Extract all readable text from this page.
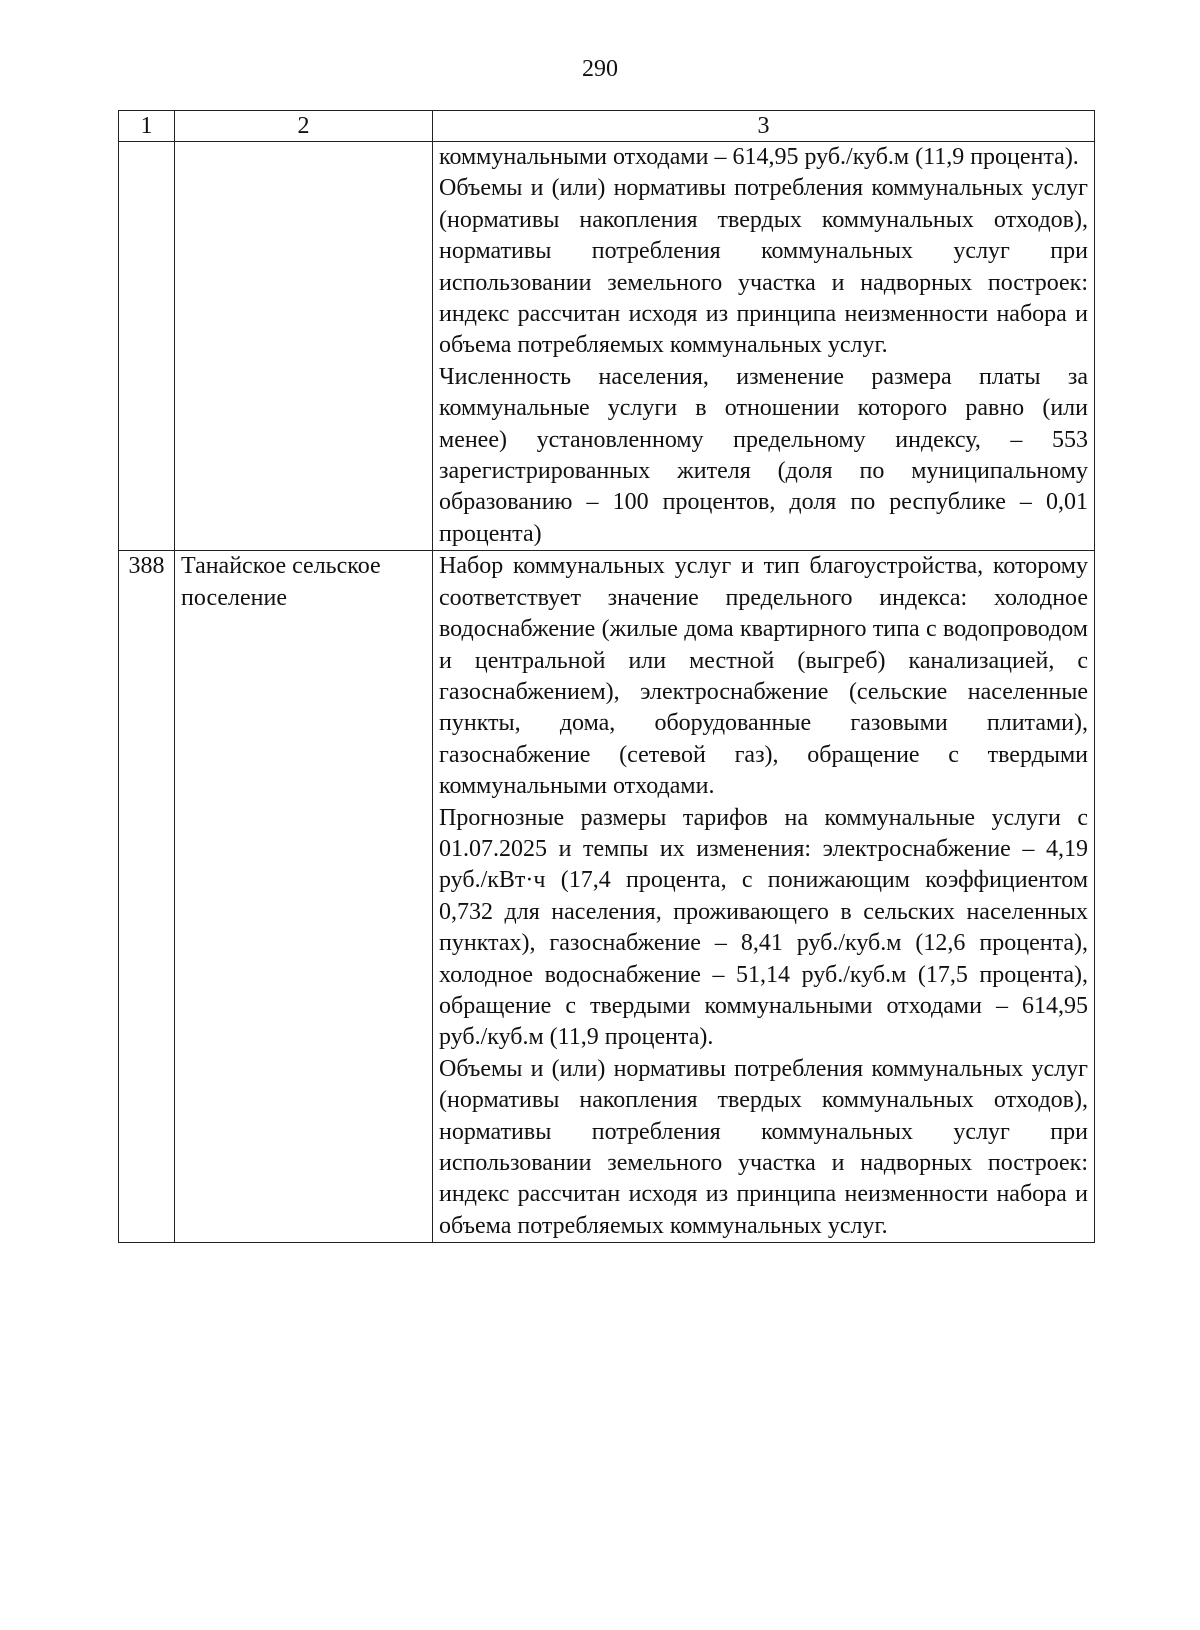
290
1	2	3

		коммунальными отходами – 614,95 руб./куб.м (11,9 процента).

Объемы и (или) нормативы потребления коммунальных услуг (нормативы накопления твердых коммунальных отходов), нормативы потребления коммунальных услуг при использовании земельного участка и надворных построек: индекс рассчитан исходя из принципа неизменности набора и объема потребляемых коммунальных услуг.

Численность населения, изменение размера платы за коммунальные услуги в отношении которого равно (или менее) установленному предельному индексу, – 553 зарегистрированных жителя (доля по муниципальному образованию – 100 процентов, доля по республике – 0,01 процента)

388	Танайское сельское поселение	Набор коммунальных услуг и тип благоустройства, которому соответствует значение предельного индекса: холодное водоснабжение (жилые дома квартирного типа с водопроводом и центральной или местной (выгреб) канализацией, с газоснабжением), электроснабжение (сельские населенные пункты, дома, оборудованные газовыми плитами), газоснабжение (сетевой газ), обращение с твердыми коммунальными отходами.

Прогнозные размеры тарифов на коммунальные услуги с 01.07.2025 и темпы их изменения: электроснабжение – 4,19 руб./кВт·ч (17,4 процента, с понижающим коэффициентом 0,732 для населения, проживающего в сельских населенных пунктах), газоснабжение – 8,41 руб./куб.м (12,6 процента), холодное водоснабжение – 51,14 руб./куб.м (17,5 процента), обращение с твердыми коммунальными отходами – 614,95 руб./куб.м (11,9 процента).

Объемы и (или) нормативы потребления коммунальных услуг (нормативы накопления твердых коммунальных отходов), нормативы потребления коммунальных услуг при использовании земельного участка и надворных построек: индекс рассчитан исходя из принципа неизменности набора и объема потребляемых коммунальных услуг.
